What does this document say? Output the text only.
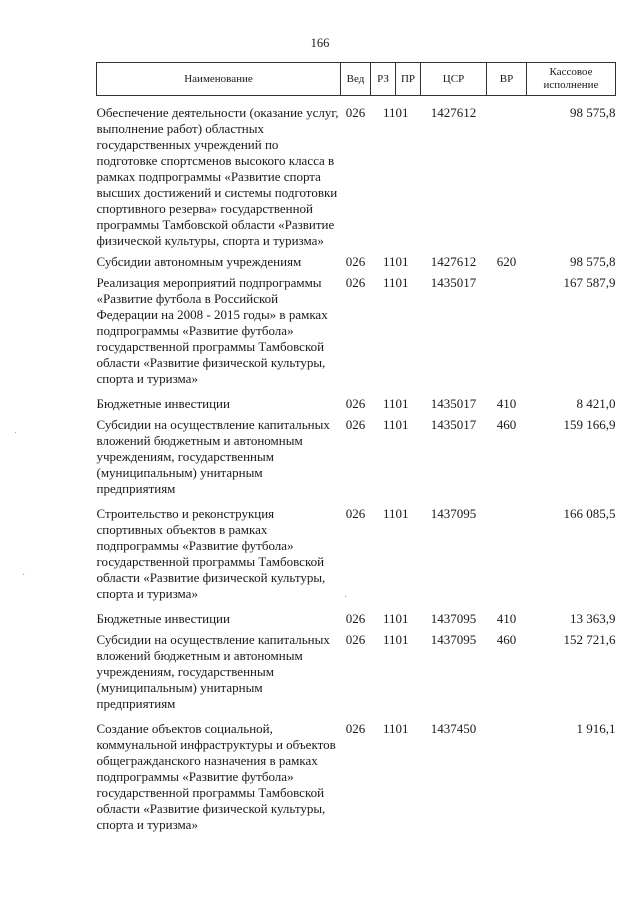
166
Наименование	Вед	РЗ	ПР	ЦСР	ВР	Кассовое исполнение
Обеспечение деятельности (оказание услуг, выполнение работ) областных государственных учреждений по подготовке спортсменов высокого класса в рамках подпрограммы «Развитие спорта высших достижений и системы подготовки спортивного резерва» государственной программы Тамбовской области «Развитие физической культуры, спорта и туризма»	026	11	01	1427612		98 575,8
Субсидии автономным учреждениям	026	11	01	1427612	620	98 575,8
Реализация мероприятий подпрограммы «Развитие футбола в Российской Федерации на 2008 - 2015 годы» в рамках подпрограммы «Развитие футбола» государственной программы Тамбовской области «Развитие физической культуры, спорта и туризма»	026	11	01	1435017		167 587,9
Бюджетные инвестиции	026	11	01	1435017	410	8 421,0
Субсидии на осуществление капитальных вложений бюджетным и автономным учреждениям, государственным (муниципальным) унитарным предприятиям	026	11	01	1435017	460	159 166,9
Строительство и реконструкция спортивных объектов в рамках подпрограммы «Развитие футбола» государственной программы Тамбовской области «Развитие физической культуры, спорта и туризма»	026	11	01	1437095		166 085,5
Бюджетные инвестиции	026	11	01	1437095	410	13 363,9
Субсидии на осуществление капитальных вложений бюджетным и автономным учреждениям, государственным (муниципальным) унитарным предприятиям	026	11	01	1437095	460	152 721,6
Создание объектов социальной, коммунальной инфраструктуры и объектов общегражданского назначения в рамках подпрограммы «Развитие футбола» государственной программы Тамбовской области «Развитие физической культуры, спорта и туризма»	026	11	01	1437450		1 916,1
·
·
·
